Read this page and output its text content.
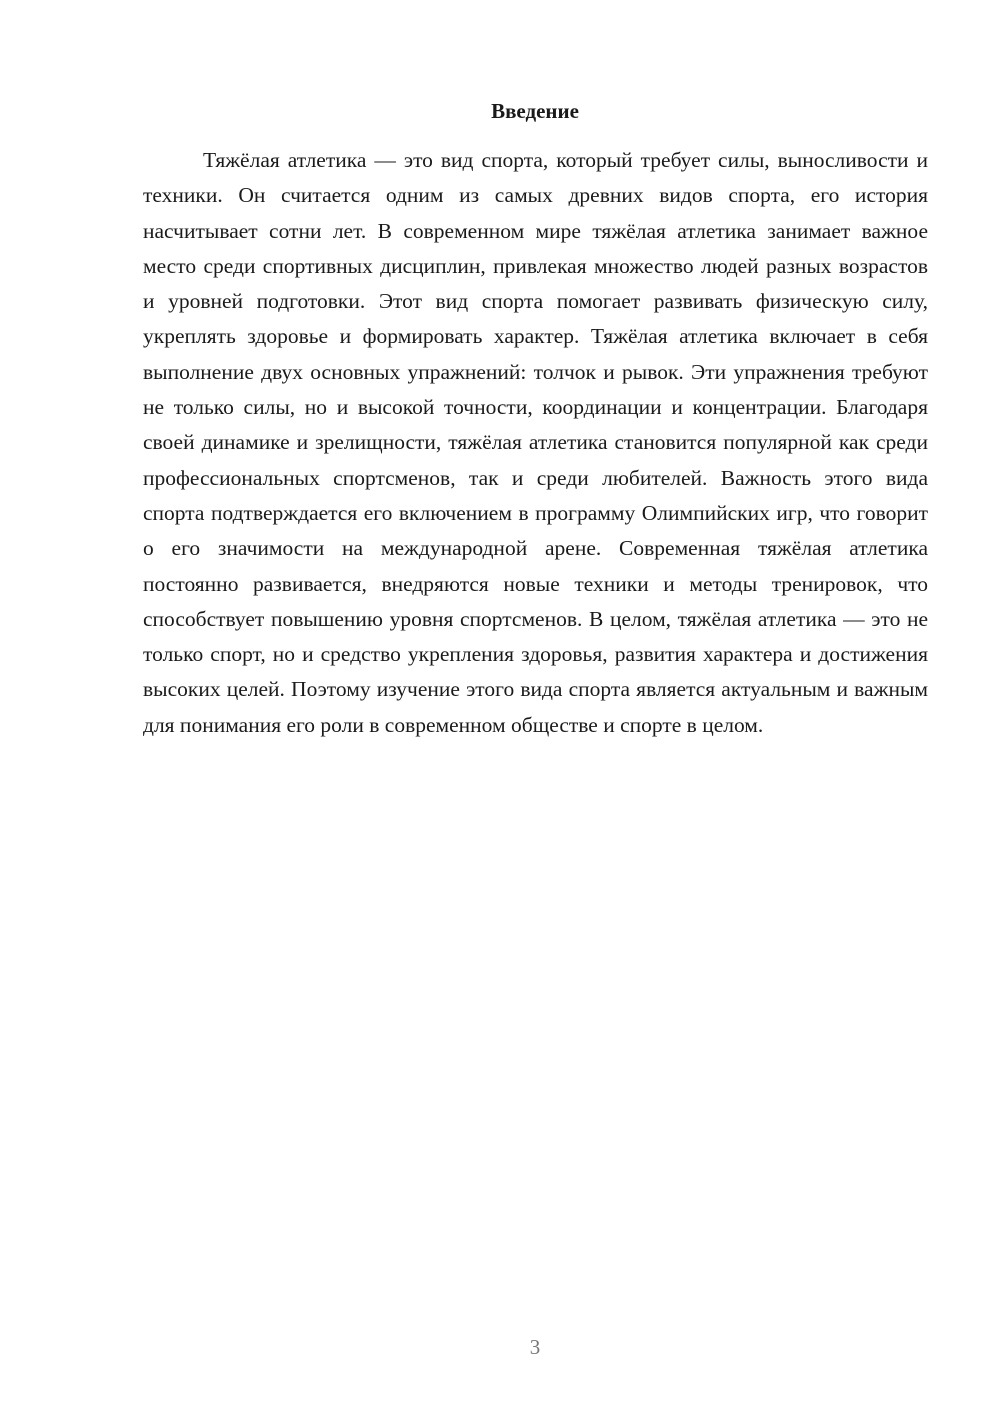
Введение

Тяжёлая атлетика — это вид спорта, который требует силы, выносливости и техники. Он считается одним из самых древних видов спорта, его история насчитывает сотни лет. В современном мире тяжёлая атлетика занимает важное место среди спортивных дисциплин, привлекая множество людей разных возрастов и уровней подготовки. Этот вид спорта помогает развивать физическую силу, укреплять здоровье и формировать характер. Тяжёлая атлетика включает в себя выполнение двух основных упражнений: толчок и рывок. Эти упражнения требуют не только силы, но и высокой точности, координации и концентрации. Благодаря своей динамике и зрелищности, тяжёлая атлетика становится популярной как среди профессиональных спортсменов, так и среди любителей. Важность этого вида спорта подтверждается его включением в программу Олимпийских игр, что говорит о его значимости на международной арене. Современная тяжёлая атлетика постоянно развивается, внедряются новые техники и методы тренировок, что способствует повышению уровня спортсменов. В целом, тяжёлая атлетика — это не только спорт, но и средство укрепления здоровья, развития характера и достижения высоких целей. Поэтому изучение этого вида спорта является актуальным и важным для понимания его роли в современном обществе и спорте в целом.

3
